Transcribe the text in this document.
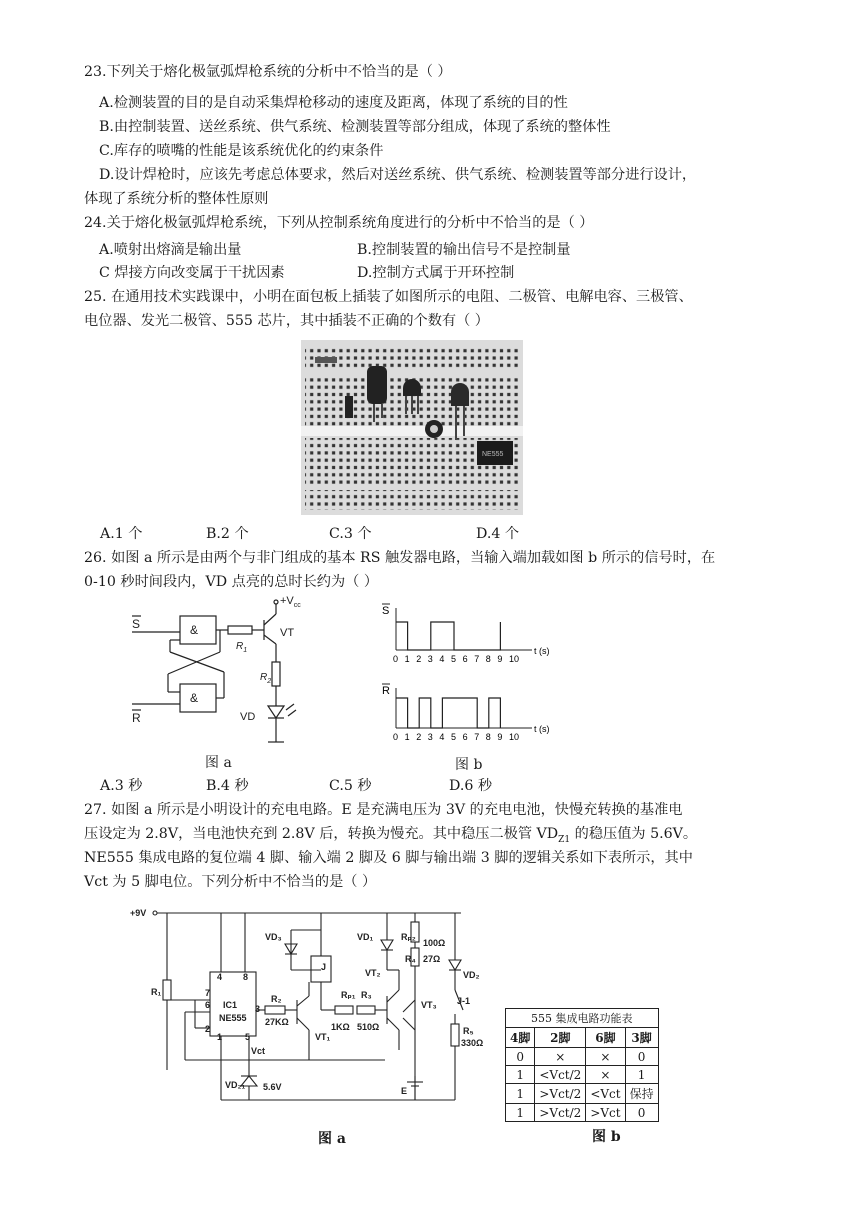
23.下列关于熔化极氩弧焊枪系统的分析中不恰当的是（ ）
A.检测装置的目的是自动采集焊枪移动的速度及距离，体现了系统的目的性
B.由控制装置、送丝系统、供气系统、检测装置等部分组成，体现了系统的整体性
C.库存的喷嘴的性能是该系统优化的约束条件
D.设计焊枪时，应该先考虑总体要求，然后对送丝系统、供气系统、检测装置等部分进行设计，
体现了系统分析的整体性原则
24.关于熔化极氩弧焊枪系统，下列从控制系统角度进行的分析中不恰当的是（ ）
A.喷射出熔滴是输出量	B.控制装置的输出信号不是控制量
C 焊接方向改变属于干扰因素	D.控制方式属于开环控制
25. 在通用技术实践课中，小明在面包板上插装了如图所示的电阻、二极管、电解电容、三极管、
电位器、发光二极管、555 芯片，其中插装不正确的个数有（ ）
NE555
A.1 个	B.2 个	C.3 个	D.4 个
26. 如图 a 所示是由两个与非门组成的基本 RS 触发器电路，当输入端加载如图 b 所示的信号时，在
0-10 秒时间段内，VD 点亮的总时长约为（ ）
S	&
$R_1$
$+V_{cc}$
VT
$R_2$
VD
&
R
图 a
S
0 1 2 3 4 5 6 7 8 9 10
t (s)
R
0 1 2 3 4 5 6 7 8 9 10
t (s)
图 b
A.3 秒	B.4 秒	C.5 秒	D.6 秒
27. 如图 a 所示是小明设计的充电电路。E 是充满电压为 3V 的充电电池，快慢充转换的基准电
压设定为 2.8V，当电池快充到 2.8V 后，转换为慢充。其中稳压二极管 $VD_{Z1}$ 的稳压值为 5.6V。
NE555 集成电路的复位端 4 脚、输入端 2 脚及 6 脚与输出端 3 脚的逻辑关系如下表所示，其中
Vct 为 5 脚电位。下列分析中不恰当的是（ ）
+9V
R₁
IC1
NE555
4 8
7
6
2
1	5
3
Vct
R₂
27KΩ
VT₁
VD₃
J
Rₚ₁
1KΩ
R₃
510Ω
VD₁	Rₚ₂
100Ω
R₄ 27Ω
VT₂
VT₃
VD₂
J-1
R₅
330Ω
VD₂₁ 5.6V	E
图 a
555 集成电路功能表			
4脚	2脚	6脚	3脚
0	×	×	0
1	<Vct/2	×	1
1	>Vct/2	<Vct	保持
1	>Vct/2	>Vct	0
图 b
